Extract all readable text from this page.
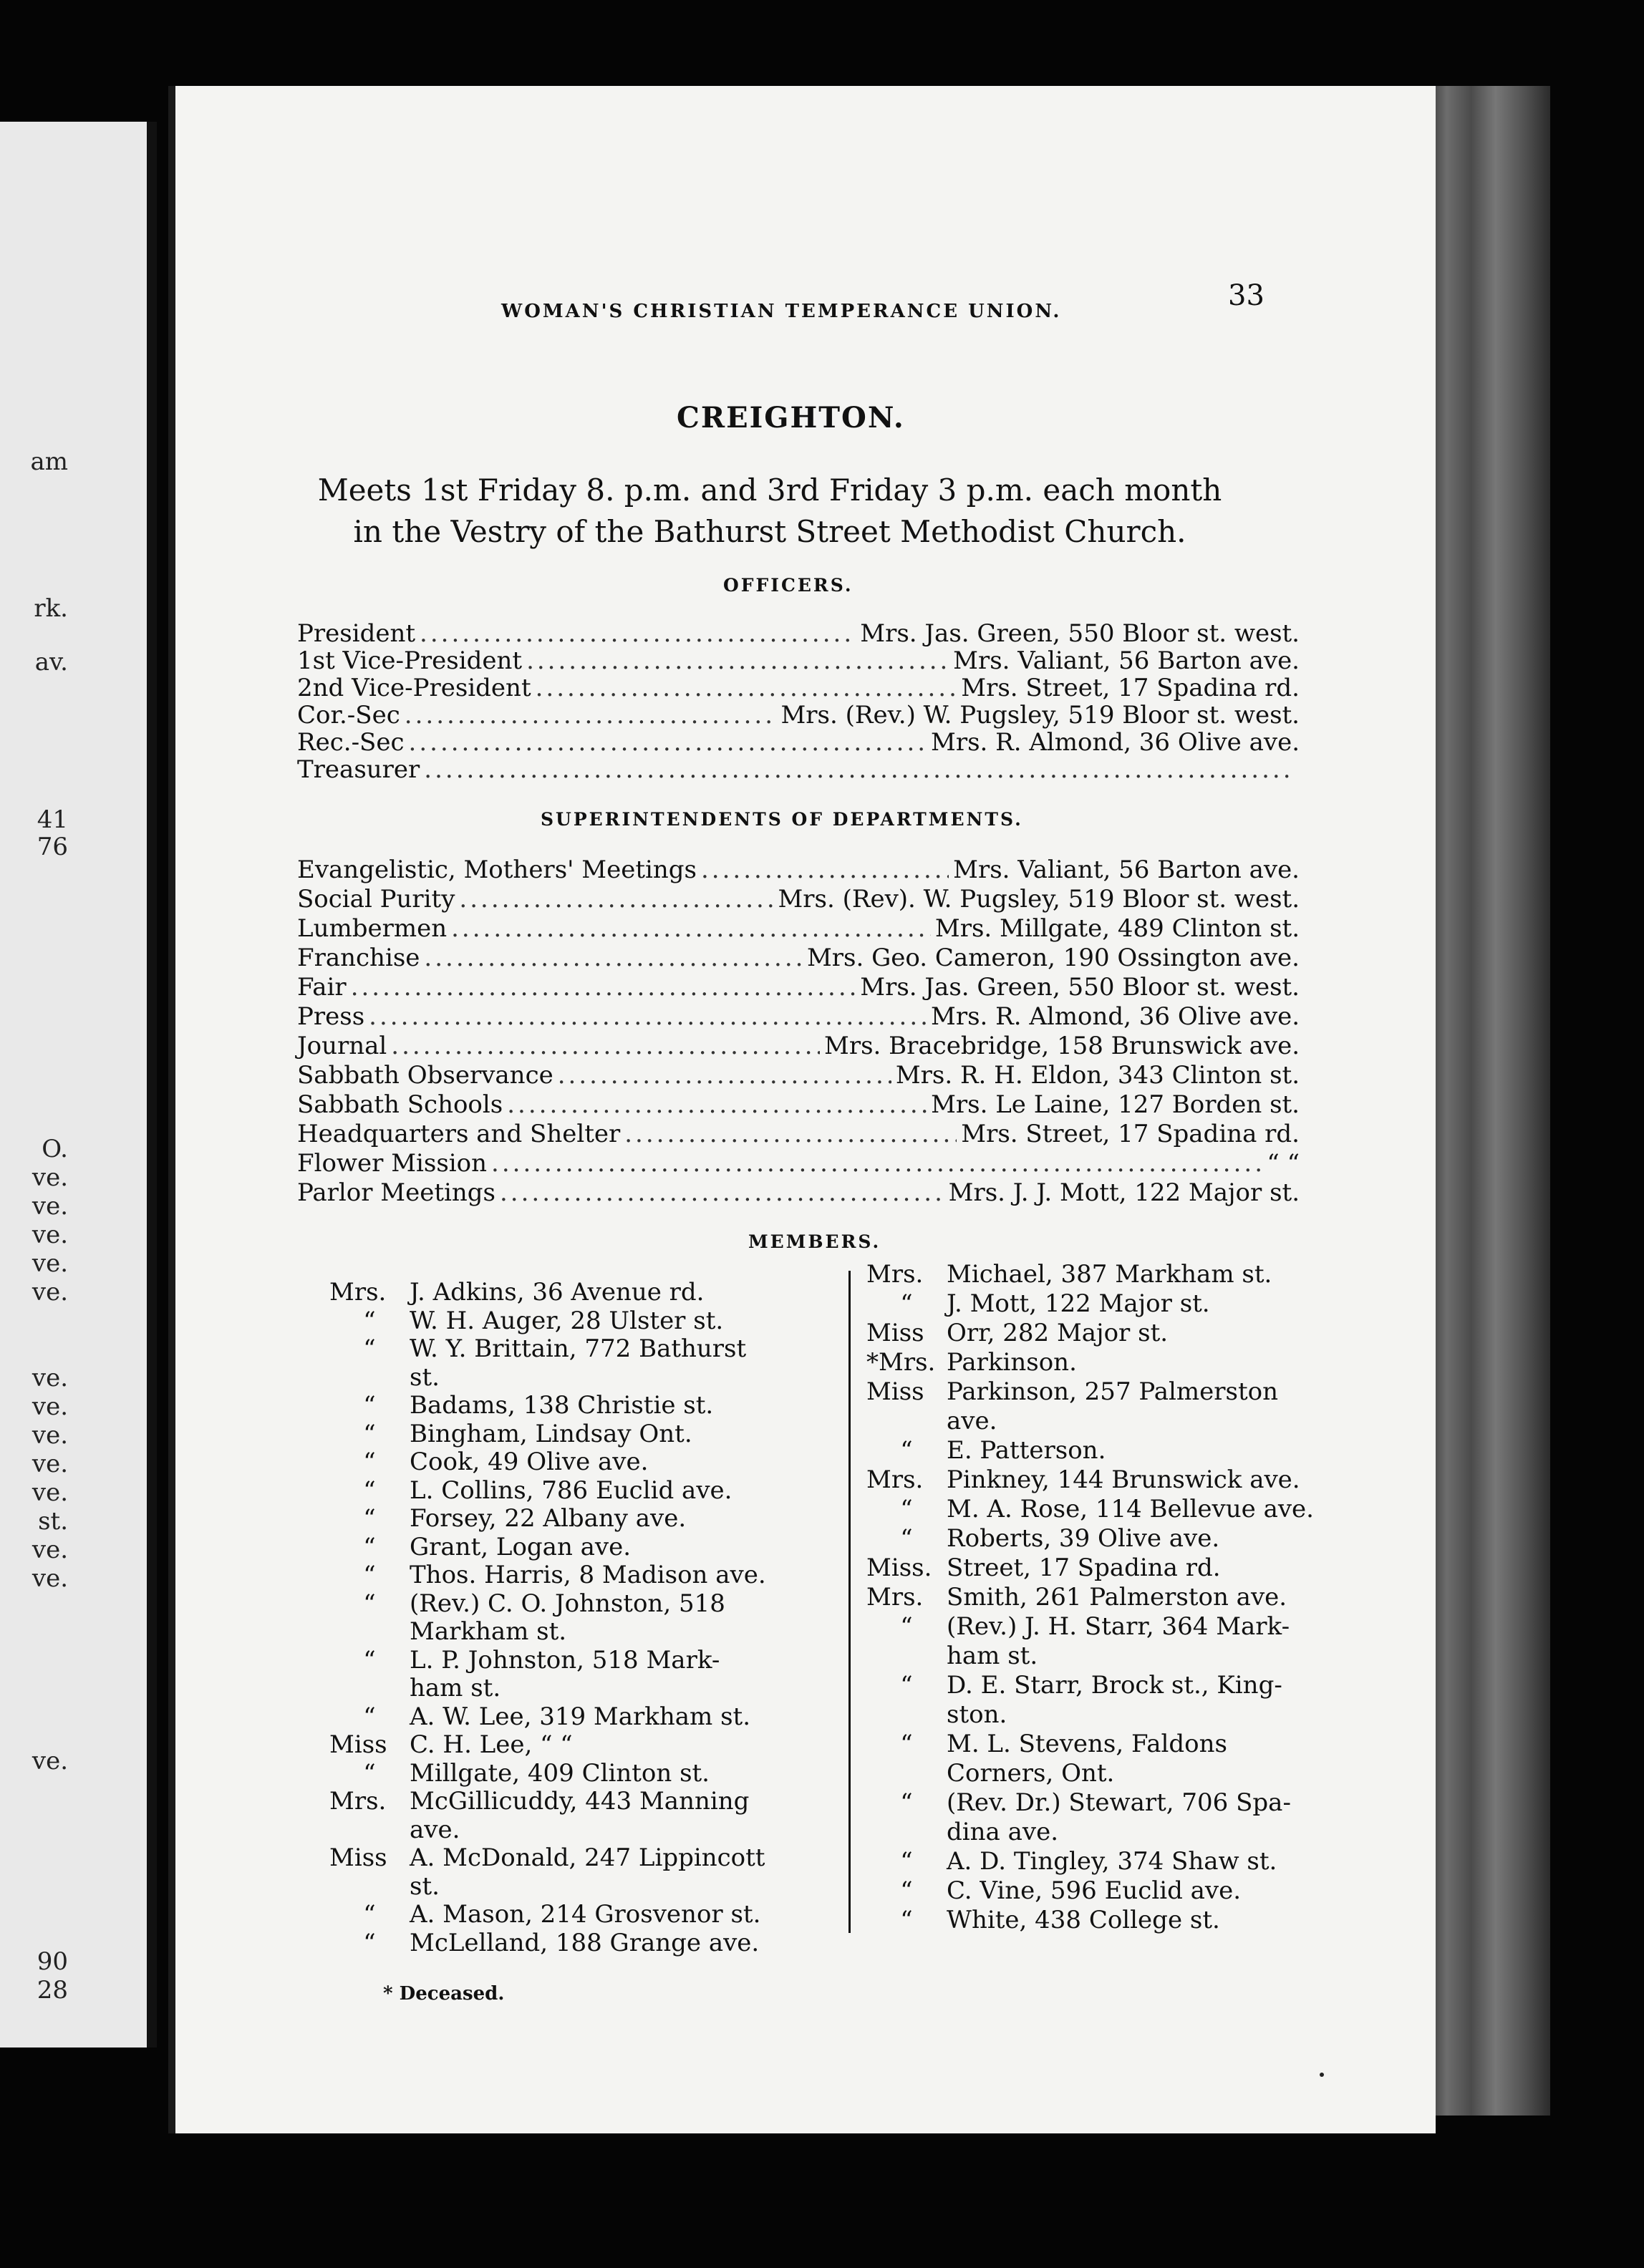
am
rk.
av.
41
76
O.
ve.
ve.
ve.
ve.
ve.
ve.
ve.
ve.
ve.
ve.
st.
ve.
ve.
ve.
90
28
WOMAN'S CHRISTIAN TEMPERANCE UNION.	33
CREIGHTON.
Meets 1st Friday 8. p.m. and 3rd Friday 3 p.m. each month
in the Vestry of the Bathurst Street Methodist Church.
OFFICERS.
President .....	Mrs. Jas. Green, 550 Bloor st. west.
1st Vice-President .....	Mrs. Valiant, 56 Barton ave.
2nd Vice-President .....	Mrs. Street, 17 Spadina rd.
Cor.-Sec .....	Mrs. (Rev.) W. Pugsley, 519 Bloor st. west.
Rec.-Sec .....	Mrs. R. Almond, 36 Olive ave.
Treasurer
.....
SUPERINTENDENTS OF DEPARTMENTS.
Evangelistic, Mothers' Meetings .....	Mrs. Valiant, 56 Barton ave.
Social Purity .....	Mrs. (Rev). W. Pugsley, 519 Bloor st. west.
Lumbermen .....	Mrs. Millgate, 489 Clinton st.
Franchise .....	Mrs. Geo. Cameron, 190 Ossington ave.
Fair .....	Mrs. Jas. Green, 550 Bloor st. west.
Press .....	Mrs. R. Almond, 36 Olive ave.
Journal .....	Mrs. Bracebridge, 158 Brunswick ave.
Sabbath Observance .....	Mrs. R. H. Eldon, 343 Clinton st.
Sabbath Schools .....	Mrs. Le Laine, 127 Borden st.
Headquarters and Shelter .....	Mrs. Street, 17 Spadina rd.
Flower Mission .....	“ “
Parlor Meetings .....	Mrs. J. J. Mott, 122 Major st.
MEMBERS.
Mrs. J. Adkins, 36 Avenue rd.
“ W. H. Auger, 28 Ulster st.
“ W. Y. Brittain, 772 Bathurst
st.
“ Badams, 138 Christie st.
“ Bingham, Lindsay Ont.
“ Cook, 49 Olive ave.
“ L. Collins, 786 Euclid ave.
“ Forsey, 22 Albany ave.
“ Grant, Logan ave.
“ Thos. Harris, 8 Madison ave.
“ (Rev.) C. O. Johnston, 518
Markham st.
“ L. P. Johnston, 518 Mark-
ham st.
“ A. W. Lee, 319 Markham st.
Miss C. H. Lee, “ “
“ Millgate, 409 Clinton st.
Mrs. McGillicuddy, 443 Manning
ave.
Miss A. McDonald, 247 Lippincott
st.
“ A. Mason, 214 Grosvenor st.
“ McLelland, 188 Grange ave.
Mrs. Michael, 387 Markham st.
“ J. Mott, 122 Major st.
Miss Orr, 282 Major st.
*Mrs. Parkinson.
Miss Parkinson, 257 Palmerston
ave.
“ E. Patterson.
Mrs. Pinkney, 144 Brunswick ave.
“ M. A. Rose, 114 Bellevue ave.
“ Roberts, 39 Olive ave.
Miss. Street, 17 Spadina rd.
Mrs. Smith, 261 Palmerston ave.
“ (Rev.) J. H. Starr, 364 Mark-
ham st.
“ D. E. Starr, Brock st., King-
ston.
“ M. L. Stevens, Faldons
Corners, Ont.
“ (Rev. Dr.) Stewart, 706 Spa-
dina ave.
“ A. D. Tingley, 374 Shaw st.
“ C. Vine, 596 Euclid ave.
“ White, 438 College st.
* Deceased.
